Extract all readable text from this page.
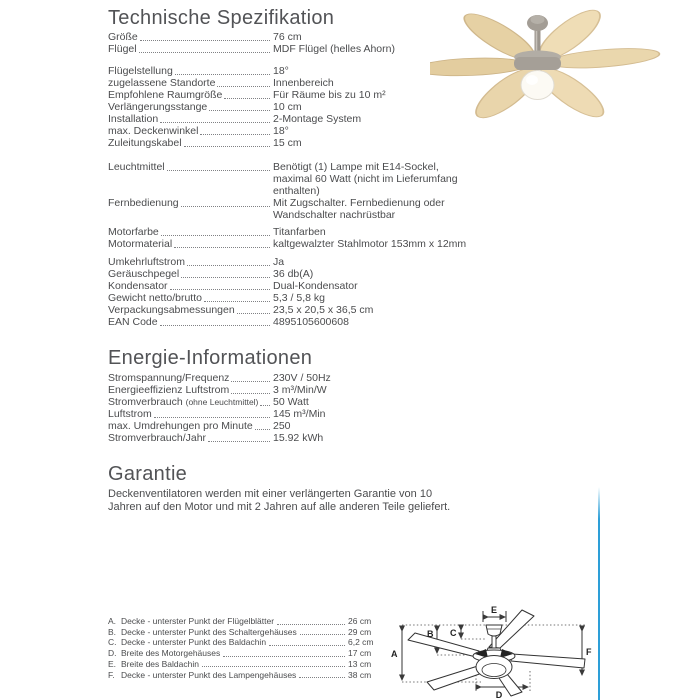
Technische Spezifikation
Größe	76 cm
Flügel	MDF Flügel (helles Ahorn)
Flügelstellung	18°
zugelassene Standorte	Innenbereich
Empfohlene Raumgröße	Für Räume bis zu 10 m²
Verlängerungsstange	10 cm
Installation	2-Montage System
max. Deckenwinkel	18°
Zuleitungskabel	15 cm
Leuchtmittel	Benötigt (1) Lampe mit E14-Sockel, maximal 60 Watt (nicht im Lieferumfang enthalten)
Fernbedienung	Mit Zugschalter. Fernbedienung oder Wandschalter nachrüstbar
Motorfarbe	Titanfarben
Motormaterial	kaltgewalzter Stahlmotor 153mm x 12mm
Umkehrluftstrom	Ja
Geräuschpegel	36 db(A)
Kondensator	Dual-Kondensator
Gewicht netto/brutto	5,3 / 5,8 kg
Verpackungsabmessungen	23,5 x 20,5 x 36,5 cm
EAN Code	4895105600608
Energie-Informationen
Stromspannung/Frequenz	230V / 50Hz
Energieeffizienz Luftstrom	3 m³/Min/W
Stromverbrauch (ohne Leuchtmittel) 50 Watt
Luftstrom	145 m³/Min
max. Umdrehungen pro Minute 250
Stromverbrauch/Jahr	15.92 kWh
Garantie
Deckenventilatoren werden mit einer verlängerten Garantie von 10 Jahren auf den Motor und mit 2 Jahren auf alle anderen Teile geliefert.
A. Decke - unterster Punkt der Flügelblätter	26 cm
B. Decke - unterster Punkt des Schaltergehäuses	29 cm
C. Decke - unterster Punkt des Baldachin	6,2 cm
D. Breite des Motorgehäuses	17 cm
E. Breite des Baldachin	13 cm
F. Decke - unterster Punkt des Lampengehäuses	38 cm
A
B C
D
E
F
